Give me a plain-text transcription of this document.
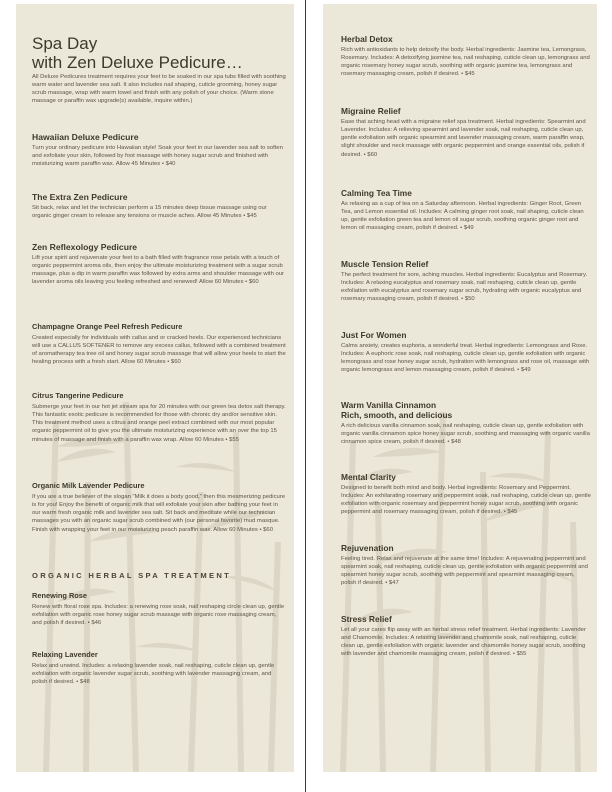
Spa Day
with Zen Deluxe Pedicure…
All Deluxe Pedicures treatment requires your feet to be soaked in our spa tubs filled with soothing warm water and lavender sea salt. It also includes nail shaping, cuticle grooming, honey sugar scrub massage, wrap with warm towel and finish with any polish of your choice. (Warm stone massage or paraffin wax upgrade(s) available, inquire within.)
Hawaiian Deluxe Pedicure
Turn your ordinary pedicure into Hawaiian style! Soak your feet in our lavender sea salt to soften and exfoliate your skin, followed by foot massage with honey sugar scrub and finished with moisturizing warm paraffin wax. Allow 45 Minutes • $40
The Extra Zen Pedicure
Sit back, relax and let the technician perform a 15 minutes deep tissue massage using our organic ginger cream to release any tensions or muscle aches. Allow 45 Minutes • $45
Zen Reflexology Pedicure
Lift your spirit and rejuvenate your feet to a bath filled with fragrance rose petals with a touch of organic peppermint aroma oils, then enjoy the ultimate moisturizing treatment with a sugar scrub massage, plus a dip in warm paraffin wax followed by extra arms and shoulder massage with our lavender aroma oils leaving you feeling refreshed and renewed! Allow 60 Minutes • $60
Champagne Orange Peel Refresh Pedicure
Created especially for individuals with callus and or cracked heels. Our experienced technicians will use a CALLUS SOFTENER to remove any excess callus, followed with a combined treatment of aromatherapy tea tree oil and honey sugar scrub massage that will allow your heels to start the healing process with a fresh start. Allow 60 Minutes • $60
Citrus Tangerine Pedicure
Submerge your feet in our hot jet stream spa for 20 minutes with our green tea detox salt therapy. This fantastic exotic pedicure is recommended for those with chronic dry and/or sensitive skin. This treatment method uses a citrus and orange peel extract combined with our most popular organic peppermint oil to give you the ultimate moisturizing experience with an over the top 15 minutes of massage and finish with a paraffin wax wrap. Allow 60 Minutes • $55
Organic Milk Lavender Pedicure
If you are a true believer of the slogan "Milk it does a body good," then this mesmerizing pedicure is for you! Enjoy the benefit of organic milk that will exfoliate your skin after bathing your feet in our warm fresh organic milk and lavender sea salt. Sit back and meditate while our technician massages you with an organic sugar scrub combined with (our personal favorite) mud masque. Finish with wrapping your feet in our moisturizing peach paraffin wax. Allow 60 Minutes • $60
ORGANIC HERBAL SPA TREATMENT
Renewing Rose
Renew with floral rose spa. Includes: a renewing rose soak, nail reshaping circle clean up, gentle exfoliation with organic rose honey sugar scrub massage with organic rose massaging cream, and polish if desired. • $46
Relaxing Lavender
Relax and unwind. Includes: a relaxing lavender soak, nail reshaping, cuticle clean up, gentle exfoliation with organic lavender sugar scrub, soothing with lavender massaging cream, and polish if desired. • $48
Herbal Detox
Rich with antioxidants to help detoxify the body. Herbal ingredients: Jasmine tea, Lemongrass, Rosemary. Includes: A detoxifying jasmine tea, nail reshaping, cuticle clean up, lemongrass and organic rosemary honey sugar scrub, soothing with organic jasmine tea, lemongrass and rosemary massaging cream, polish if desired. • $45
Migraine Relief
Ease that aching head with a migraine relief spa treatment. Herbal ingredients: Spearmint and Lavender. Includes: A relieving spearmint and lavender soak, nail reshaping, cuticle clean up, gentle exfoliation with organic spearmint and lavender massaging cream, warm paraffin wrap, slight shoulder and neck massage with organic peppermint and orange essential oils, polish if desired. • $60
Calming Tea Time
As relaxing as a cup of tea on a Saturday afternoon. Herbal ingredients: Ginger Root, Green Tea, and Lemon essential oil. Includes: A calming ginger root soak, nail shaping, cuticle clean up, gentle exfoliation green tea and lemon oil sugar scrub, soothing organic ginger root and lemon oil massaging cream, polish if desired. • $49
Muscle Tension Relief
The perfect treatment for sore, aching muscles. Herbal ingredients: Eucalyptus and Rosemary. Includes: A relaxing eucalyptus and rosemary soak, nail reshaping, cuticle clean up, gentle exfoliation with eucalyptus and rosemary sugar scrub, hydrating with organic eucalyptus and rosemary massaging cream, polish if desired. • $50
Just For Women
Calms anxiety, creates euphoria, a wonderful treat. Herbal ingredients: Lemongrass and Rose. Includes: A euphoric rose soak, nail reshaping, cuticle clean up, gentle exfoliation with organic lemongrass and rose honey sugar scrub, hydration with lemongrass and rose oil, massage with organic lemongrass and lemon massaging cream, polish if desired. • $49
Warm Vanilla Cinnamon
Rich, smooth, and delicious
A rich delicious vanilla cinnamon soak, nail reshaping, cuticle clean up, gentle exfoliation with organic vanilla cinnamon spice honey sugar scrub, soothing and massaging with organic vanilla cinnamon spice cream, polish if desired. • $48
Mental Clarity
Designed to benefit both mind and body. Herbal ingredients: Rosemary and Peppermint. Includes: An exhilarating rosemary and peppermint soak, nail reshaping, cuticle clean up, gentle exfoliation with organic rosemary and peppermint honey sugar scrub, soothing with organic peppermint and rosemary massaging cream, polish if desired. • $45
Rejuvenation
Feeling tired. Relax and rejuvenate at the same time! Includes: A rejuvenating peppermint and spearmint soak, nail reshaping, cuticle clean up, gentle exfoliation with organic peppermint and spearmint honey sugar scrub, soothing with peppermint and spearmint massaging cream, polish if desired. • $47
Stress Relief
Let all your cares flip away with an herbal stress relief treatment. Herbal ingredients: Lavender and Chamomile. Includes: A relaxing lavender and chamomile soak, nail reshaping, cuticle clean up, gentle exfoliation with organic lavender and chamomile honey sugar scrub, soothing with lavender and chamomile massaging cream, polish if desired. • $55
